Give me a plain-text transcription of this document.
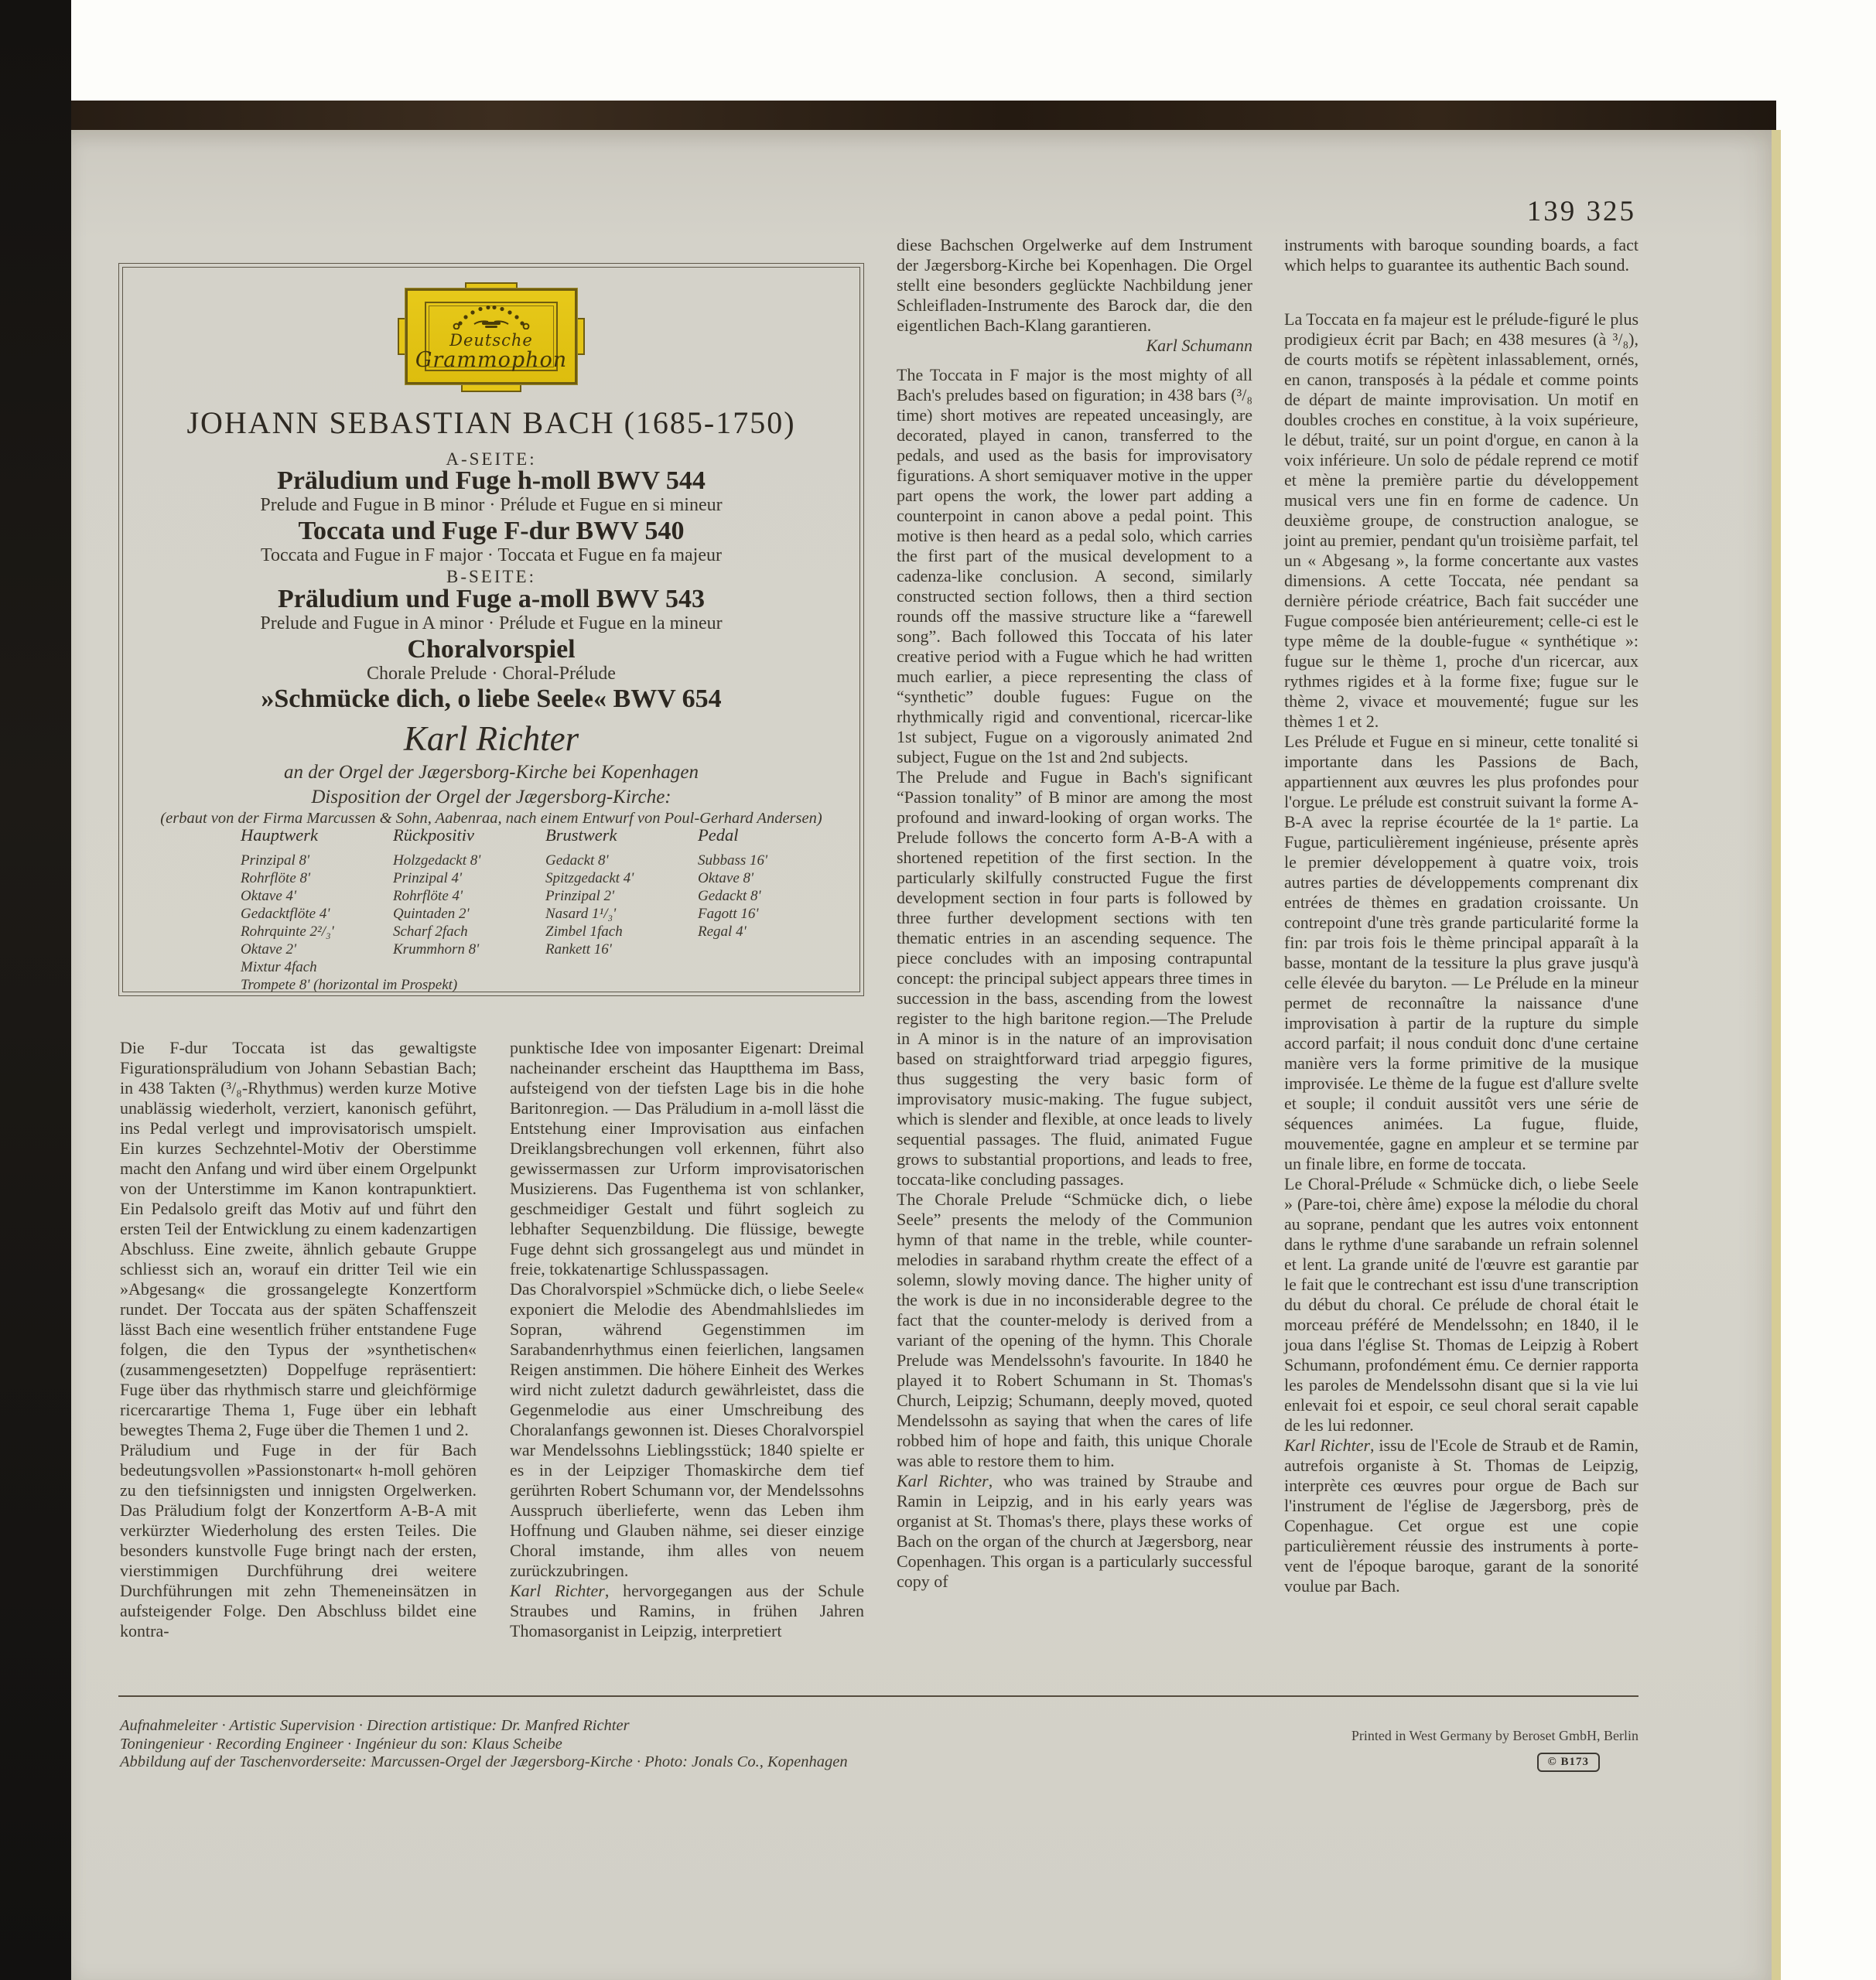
139 325
Deutsche
Grammophon
JOHANN SEBASTIAN BACH (1685-1750)
A-SEITE:
Präludium und Fuge h-moll BWV 544
Prelude and Fugue in B minor · Prélude et Fugue en si mineur
Toccata und Fuge F-dur BWV 540
Toccata and Fugue in F major · Toccata et Fugue en fa majeur
B-SEITE:
Präludium und Fuge a-moll BWV 543
Prelude and Fugue in A minor · Prélude et Fugue en la mineur
Choralvorspiel
Chorale Prelude · Choral-Prélude
»Schmücke dich, o liebe Seele« BWV 654
Karl Richter
an der Orgel der Jægersborg-Kirche bei Kopenhagen
Disposition der Orgel der Jægersborg-Kirche:
(erbaut von der Firma Marcussen & Sohn, Aabenraa, nach einem Entwurf von Poul-Gerhard Andersen)
Hauptwerk
Prinzipal 8'
Rohrflöte 8'
Oktave 4'
Gedacktflöte 4'
Rohrquinte 2²/₃'
Oktave 2'
Mixtur 4fach
Trompete 8' (horizontal im Prospekt)
Rückpositiv
Holzgedackt 8'
Prinzipal 4'
Rohrflöte 4'
Quintaden 2'
Scharf 2fach
Krummhorn 8'
Brustwerk
Gedackt 8'
Spitzgedackt 4'
Prinzipal 2'
Nasard 1¹/₃'
Zimbel 1fach
Rankett 16'
Pedal
Subbass 16'
Oktave 8'
Gedackt 8'
Fagott 16'
Regal 4'

Die F-dur Toccata ist das gewaltigste Figurationspräludium von Johann Sebastian Bach; in 438 Takten (³/₈-Rhythmus) werden kurze Motive unablässig wiederholt, verziert, kanonisch geführt, ins Pedal verlegt und improvisatorisch umspielt. Ein kurzes Sechzehntel-Motiv der Oberstimme macht den Anfang und wird über einem Orgelpunkt von der Unterstimme im Kanon kontrapunktiert. Ein Pedalsolo greift das Motiv auf und führt den ersten Teil der Entwicklung zu einem kadenzartigen Abschluss. Eine zweite, ähnlich gebaute Gruppe schliesst sich an, worauf ein dritter Teil wie ein »Abgesang« die grossangelegte Konzertform rundet. Der Toccata aus der späten Schaffenszeit lässt Bach eine wesentlich früher entstandene Fuge folgen, die den Typus der »synthetischen« (zusammengesetzten) Doppelfuge repräsentiert: Fuge über das rhythmisch starre und gleichförmige ricercarartige Thema 1, Fuge über ein lebhaft bewegtes Thema 2, Fuge über die Themen 1 und 2.

Präludium und Fuge in der für Bach bedeutungsvollen »Passionstonart« h-moll gehören zu den tiefsinnigsten und innigsten Orgelwerken. Das Präludium folgt der Konzertform A-B-A mit verkürzter Wiederholung des ersten Teiles. Die besonders kunstvolle Fuge bringt nach der ersten, vierstimmigen Durchführung drei weitere Durchführungen mit zehn Themeneinsätzen in aufsteigender Folge. Den Abschluss bildet eine kontra-

punktische Idee von imposanter Eigenart: Dreimal nacheinander erscheint das Hauptthema im Bass, aufsteigend von der tiefsten Lage bis in die hohe Baritonregion. — Das Präludium in a-moll lässt die Entstehung einer Improvisation aus einfachen Dreiklangsbrechungen voll erkennen, führt also gewissermassen zur Urform improvisatorischen Musizierens. Das Fugenthema ist von schlanker, geschmeidiger Gestalt und führt sogleich zu lebhafter Sequenzbildung. Die flüssige, bewegte Fuge dehnt sich grossangelegt aus und mündet in freie, tokkatenartige Schlusspassagen.

Das Choralvorspiel »Schmücke dich, o liebe Seele« exponiert die Melodie des Abendmahlsliedes im Sopran, während Gegenstimmen im Sarabandenrhythmus einen feierlichen, langsamen Reigen anstimmen. Die höhere Einheit des Werkes wird nicht zuletzt dadurch gewährleistet, dass die Gegenmelodie aus einer Umschreibung des Choralanfangs gewonnen ist. Dieses Choralvorspiel war Mendelssohns Lieblingsstück; 1840 spielte er es in der Leipziger Thomaskirche dem tief gerührten Robert Schumann vor, der Mendelssohns Ausspruch überlieferte, wenn das Leben ihm Hoffnung und Glauben nähme, sei dieser einzige Choral imstande, ihm alles von neuem zurückzubringen.

Karl Richter, hervorgegangen aus der Schule Straubes und Ramins, in frühen Jahren Thomasorganist in Leipzig, interpretiert

diese Bachschen Orgelwerke auf dem Instrument der Jægersborg-Kirche bei Kopenhagen. Die Orgel stellt eine besonders geglückte Nachbildung jener Schleifladen-Instrumente des Barock dar, die den eigentlichen Bach-Klang garantieren.
Karl Schumann

The Toccata in F major is the most mighty of all Bach's preludes based on figuration; in 438 bars (³/₈ time) short motives are repeated unceasingly, are decorated, played in canon, transferred to the pedals, and used as the basis for improvisatory figurations. A short semiquaver motive in the upper part opens the work, the lower part adding a counterpoint in canon above a pedal point. This motive is then heard as a pedal solo, which carries the first part of the musical development to a cadenza-like conclusion. A second, similarly constructed section follows, then a third section rounds off the massive structure like a “farewell song”. Bach followed this Toccata of his later creative period with a Fugue which he had written much earlier, a piece representing the class of “synthetic” double fugues: Fugue on the rhythmically rigid and conventional, ricercar-like 1st subject, Fugue on a vigorously animated 2nd subject, Fugue on the 1st and 2nd subjects.

The Prelude and Fugue in Bach's significant “Passion tonality” of B minor are among the most profound and inward-looking of organ works. The Prelude follows the concerto form A-B-A with a shortened repetition of the first section. In the particularly skilfully constructed Fugue the first development section in four parts is followed by three further development sections with ten thematic entries in an ascending sequence. The piece concludes with an imposing contrapuntal concept: the principal subject appears three times in succession in the bass, ascending from the lowest register to the high baritone region.—The Prelude in A minor is in the nature of an improvisation based on straightforward triad arpeggio figures, thus suggesting the very basic form of improvisatory music-making. The fugue subject, which is slender and flexible, at once leads to lively sequential passages. The fluid, animated Fugue grows to substantial proportions, and leads to free, toccata-like concluding passages.

The Chorale Prelude “Schmücke dich, o liebe Seele” presents the melody of the Communion hymn of that name in the treble, while counter-melodies in saraband rhythm create the effect of a solemn, slowly moving dance. The higher unity of the work is due in no inconsiderable degree to the fact that the counter-melody is derived from a variant of the opening of the hymn. This Chorale Prelude was Mendelssohn's favourite. In 1840 he played it to Robert Schumann in St. Thomas's Church, Leipzig; Schumann, deeply moved, quoted Mendelssohn as saying that when the cares of life robbed him of hope and faith, this unique Chorale was able to restore them to him.

Karl Richter, who was trained by Straube and Ramin in Leipzig, and in his early years was organist at St. Thomas's there, plays these works of Bach on the organ of the church at Jægersborg, near Copenhagen. This organ is a particularly successful copy of

instruments with baroque sounding boards, a fact which helps to guarantee its authentic Bach sound.

La Toccata en fa majeur est le prélude-figuré le plus prodigieux écrit par Bach; en 438 mesures (à ³/₈), de courts motifs se répètent inlassablement, ornés, en canon, transposés à la pédale et comme points de départ de mainte improvisation. Un motif en doubles croches en constitue, à la voix supérieure, le début, traité, sur un point d'orgue, en canon à la voix inférieure. Un solo de pédale reprend ce motif et mène la première partie du développement musical vers une fin en forme de cadence. Un deuxième groupe, de construction analogue, se joint au premier, pendant qu'un troisième parfait, tel un « Abgesang », la forme concertante aux vastes dimensions. A cette Toccata, née pendant sa dernière période créatrice, Bach fait succéder une Fugue composée bien antérieurement; celle-ci est le type même de la double-fugue « synthétique »: fugue sur le thème 1, proche d'un ricercar, aux rythmes rigides et à la forme fixe; fugue sur le thème 2, vivace et mouvementé; fugue sur les thèmes 1 et 2.

Les Prélude et Fugue en si mineur, cette tonalité si importante dans les Passions de Bach, appartiennent aux œuvres les plus profondes pour l'orgue. Le prélude est construit suivant la forme A-B-A avec la reprise écourtée de la 1ᵉ partie. La Fugue, particulièrement ingénieuse, présente après le premier développement à quatre voix, trois autres parties de développements comprenant dix entrées de thèmes en gradation croissante. Un contrepoint d'une très grande particularité forme la fin: par trois fois le thème principal apparaît à la basse, montant de la tessiture la plus grave jusqu'à celle élevée du baryton. — Le Prélude en la mineur permet de reconnaître la naissance d'une improvisation à partir de la rupture du simple accord parfait; il nous conduit donc d'une certaine manière vers la forme primitive de la musique improvisée. Le thème de la fugue est d'allure svelte et souple; il conduit aussitôt vers une série de séquences animées. La fugue, fluide, mouvementée, gagne en ampleur et se termine par un finale libre, en forme de toccata.

Le Choral-Prélude « Schmücke dich, o liebe Seele » (Pare-toi, chère âme) expose la mélodie du choral au soprane, pendant que les autres voix entonnent dans le rythme d'une sarabande un refrain solennel et lent. La grande unité de l'œuvre est garantie par le fait que le contrechant est issu d'une transcription du début du choral. Ce prélude de choral était le morceau préféré de Mendelssohn; en 1840, il le joua dans l'église St. Thomas de Leipzig à Robert Schumann, profondément ému. Ce dernier rapporta les paroles de Mendelssohn disant que si la vie lui enlevait foi et espoir, ce seul choral serait capable de les lui redonner.

Karl Richter, issu de l'Ecole de Straub et de Ramin, autrefois organiste à St. Thomas de Leipzig, interprète ces œuvres pour orgue de Bach sur l'instrument de l'église de Jægersborg, près de Copenhague. Cet orgue est une copie particulièrement réussie des instruments à porte-vent de l'époque baroque, garant de la sonorité voulue par Bach.

Aufnahmeleiter · Artistic Supervision · Direction artistique: Dr. Manfred Richter
Toningenieur · Recording Engineer · Ingénieur du son: Klaus Scheibe
Abbildung auf der Taschenvorderseite: Marcussen-Orgel der Jægersborg-Kirche · Photo: Jonals Co., Kopenhagen
Printed in West Germany by Beroset GmbH, Berlin
© B173
